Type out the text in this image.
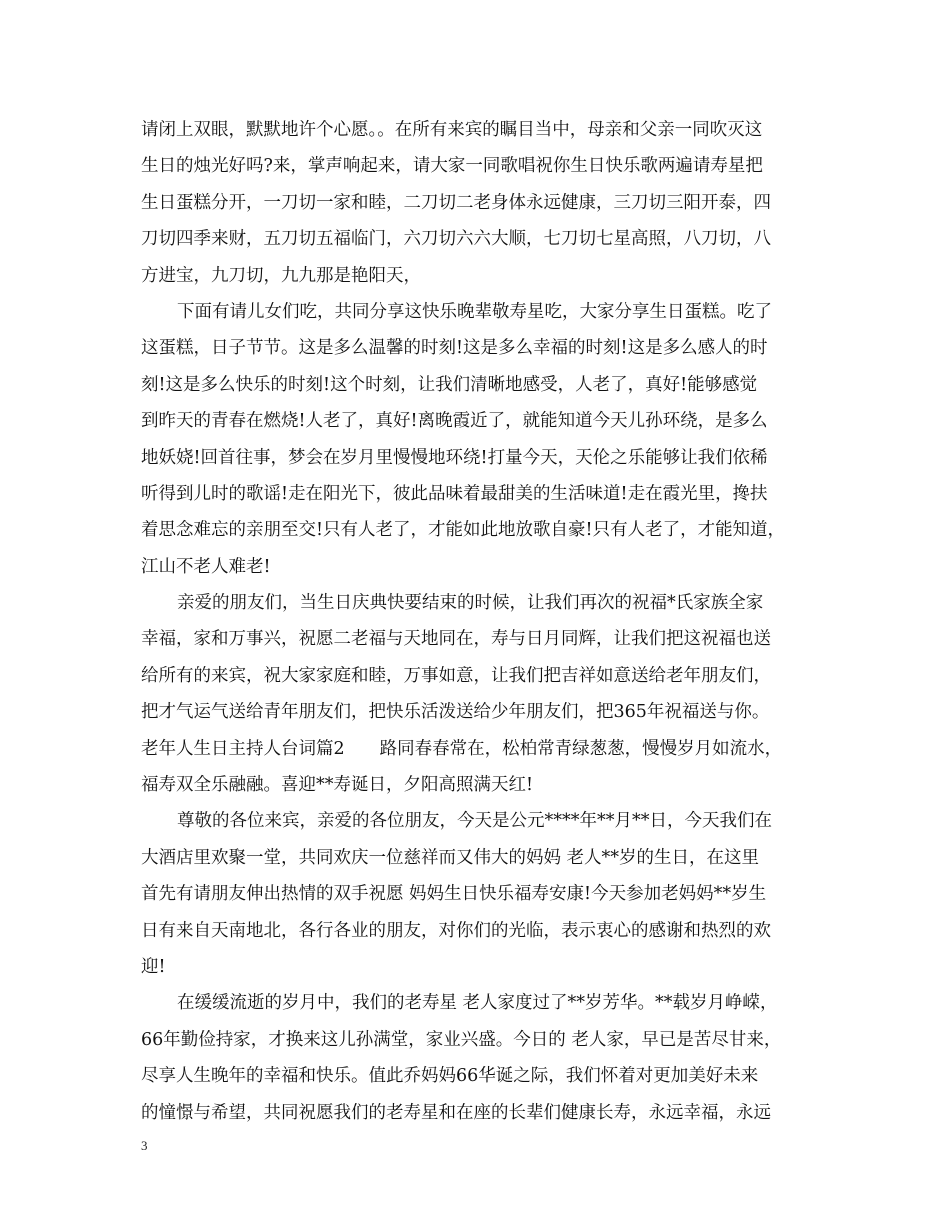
请闭上双眼，默默地许个心愿。。在所有来宾的瞩目当中，母亲和父亲一同吹灭这
生日的烛光好吗?来，掌声响起来，请大家一同歌唱祝你生日快乐歌两遍请寿星把
生日蛋糕分开，一刀切一家和睦，二刀切二老身体永远健康，三刀切三阳开泰，四
刀切四季来财，五刀切五福临门，六刀切六六大顺，七刀切七星高照，八刀切，八
方进宝，九刀切，九九那是艳阳天，
下面有请儿女们吃，共同分享这快乐晚辈敬寿星吃，大家分享生日蛋糕。吃了
这蛋糕，日子节节。这是多么温馨的时刻!这是多么幸福的时刻!这是多么感人的时
刻!这是多么快乐的时刻!这个时刻，让我们清晰地感受，人老了，真好!能够感觉
到昨天的青春在燃烧!人老了，真好!离晚霞近了，就能知道今天儿孙环绕，是多么
地妖娆!回首往事，梦会在岁月里慢慢地环绕!打量今天，天伦之乐能够让我们依稀
听得到儿时的歌谣!走在阳光下，彼此品味着最甜美的生活味道!走在霞光里，搀扶
着思念难忘的亲朋至交!只有人老了，才能如此地放歌自豪!只有人老了，才能知道，
江山不老人难老!
亲爱的朋友们，当生日庆典快要结束的时候，让我们再次的祝福*氏家族全家
幸福，家和万事兴，祝愿二老福与天地同在，寿与日月同辉，让我们把这祝福也送
给所有的来宾，祝大家家庭和睦，万事如意，让我们把吉祥如意送给老年朋友们，
把才气运气送给青年朋友们，把快乐活泼送给少年朋友们，把365年祝福送与你。
老年人生日主持人台词篇2　　路同春春常在，松柏常青绿葱葱，慢慢岁月如流水，
福寿双全乐融融。喜迎**寿诞日，夕阳高照满天红!
尊敬的各位来宾，亲爱的各位朋友，今天是公元****年**月**日，今天我们在
大酒店里欢聚一堂，共同欢庆一位慈祥而又伟大的妈妈 老人**岁的生日，在这里
首先有请朋友伸出热情的双手祝愿 妈妈生日快乐福寿安康!今天参加老妈妈**岁生
日有来自天南地北，各行各业的朋友，对你们的光临，表示衷心的感谢和热烈的欢
迎!
在缓缓流逝的岁月中，我们的老寿星 老人家度过了**岁芳华。**载岁月峥嵘，
66年勤俭持家，才换来这儿孙满堂，家业兴盛。今日的 老人家，早已是苦尽甘来，
尽享人生晚年的幸福和快乐。值此乔妈妈66华诞之际，我们怀着对更加美好未来
的憧憬与希望，共同祝愿我们的老寿星和在座的长辈们健康长寿，永远幸福，永远
3
